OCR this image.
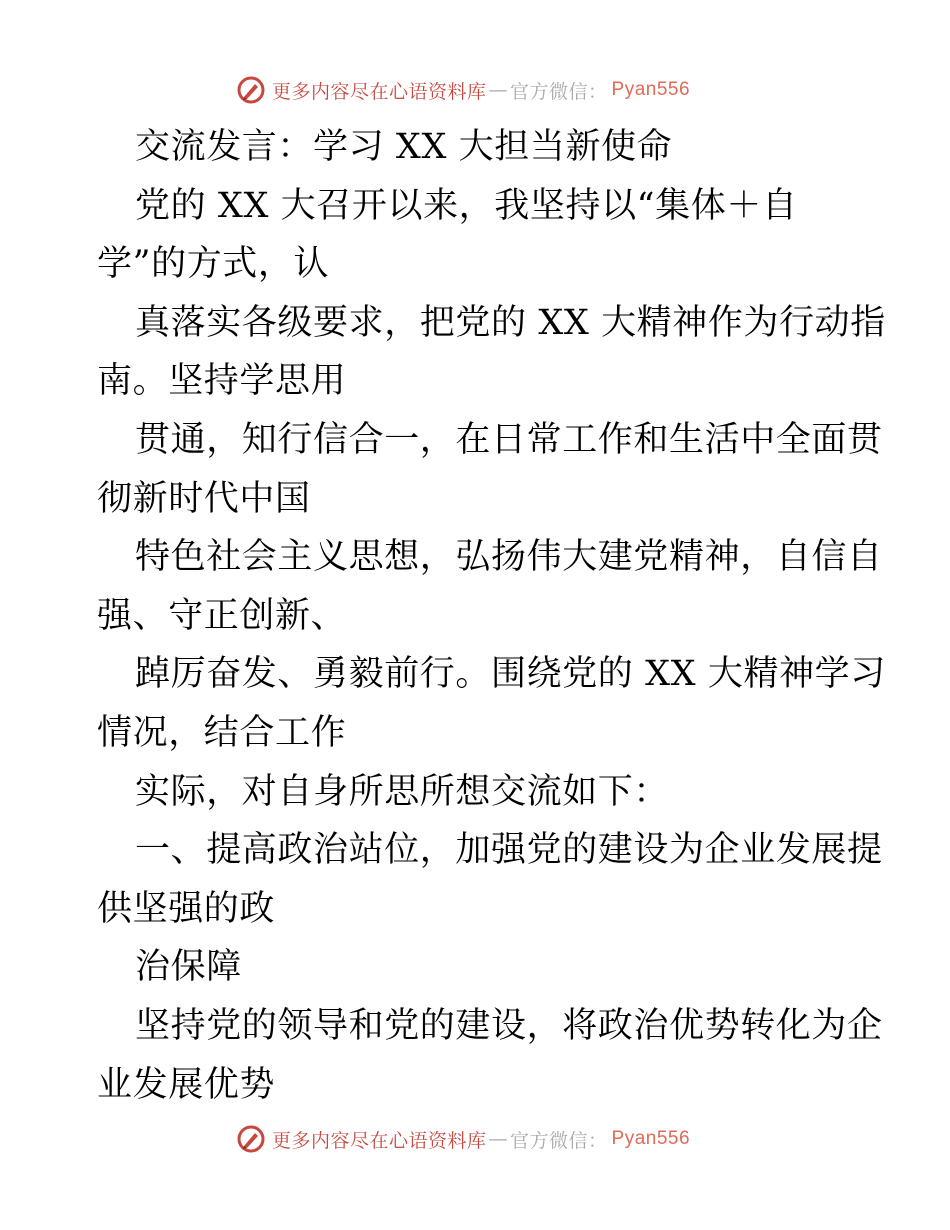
更多内容尽在心语资料库 — 官方微信： Pyan556
交流发言：学习 XX 大担当新使命
党的 XX 大召开以来，我坚持以“集体＋自
学”的方式，认
真落实各级要求，把党的 XX 大精神作为行动指
南。坚持学思用
贯通，知行信合一，在日常工作和生活中全面贯
彻新时代中国
特色社会主义思想，弘扬伟大建党精神，自信自
强、守正创新、
踔厉奋发、勇毅前行。围绕党的 XX 大精神学习
情况，结合工作
实际，对自身所思所想交流如下：
一、提高政治站位，加强党的建设为企业发展提
供坚强的政
治保障
坚持党的领导和党的建设，将政治优势转化为企
业发展优势
更多内容尽在心语资料库 — 官方微信： Pyan556
